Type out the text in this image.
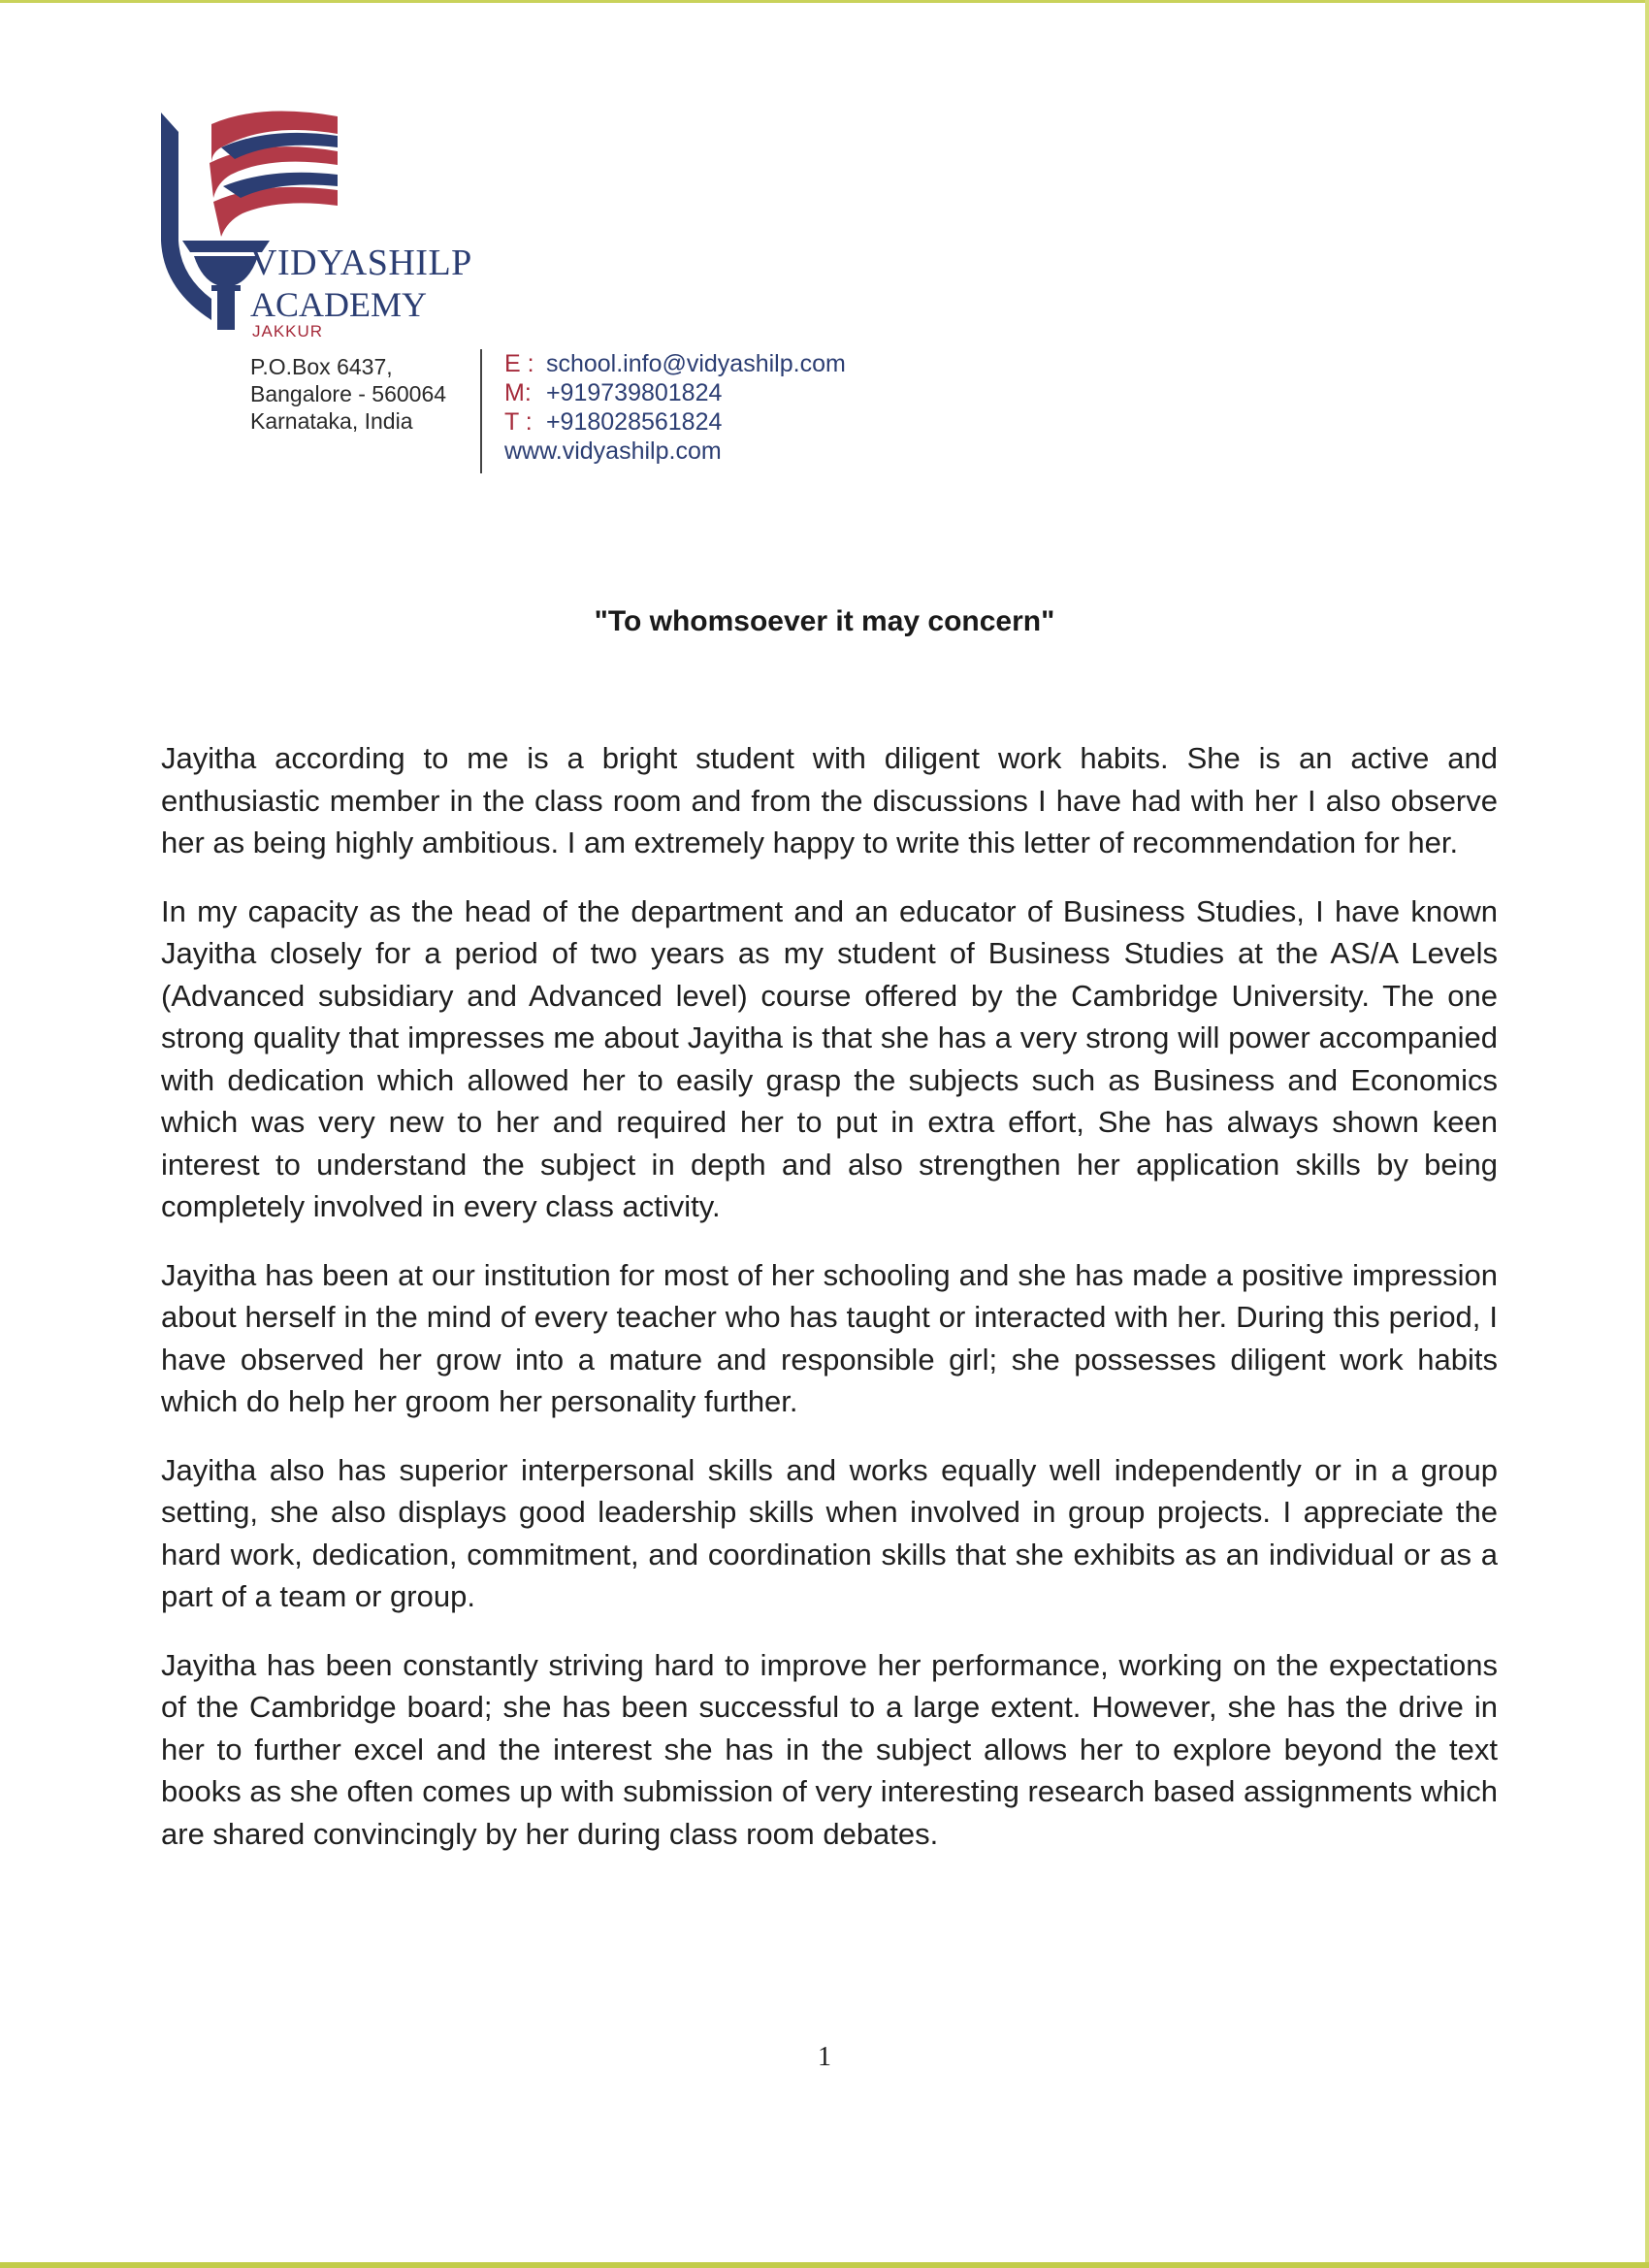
VIDYASHILP
ACADEMY
JAKKUR
P.O.Box 6437,
Bangalore - 560064
Karnataka, India
E : school.info@vidyashilp.com
M: +919739801824
T : +918028561824
www.vidyashilp.com
"To whomsoever it may concern"

Jayitha according to me is a bright student with diligent work habits. She is an active and enthusiastic member in the class room and from the discussions I have had with her I also observe her as being highly ambitious. I am extremely happy to write this letter of recommendation for her.

In my capacity as the head of the department and an educator of Business Studies, I have known Jayitha closely for a period of two years as my student of Business Studies at the AS/A Levels (Advanced subsidiary and Advanced level) course offered by the Cambridge University. The one strong quality that impresses me about Jayitha is that she has a very strong will power accompanied with dedication which allowed her to easily grasp the subjects such as Business and Economics which was very new to her and required her to put in extra effort, She has always shown keen interest to understand the subject in depth and also strengthen her application skills by being completely involved in every class activity.

Jayitha has been at our institution for most of her schooling and she has made a positive impression about herself in the mind of every teacher who has taught or interacted with her. During this period, I have observed her grow into a mature and responsible girl; she possesses diligent work habits which do help her groom her personality further.

Jayitha also has superior interpersonal skills and works equally well independently or in a group setting, she also displays good leadership skills when involved in group projects. I appreciate the hard work, dedication, commitment, and coordination skills that she exhibits as an individual or as a part of a team or group.

Jayitha has been constantly striving hard to improve her performance, working on the expectations of the Cambridge board; she has been successful to a large extent. However, she has the drive in her to further excel and the interest she has in the subject allows her to explore beyond the text books as she often comes up with submission of very interesting research based assignments which are shared convincingly by her during class room debates.

1
